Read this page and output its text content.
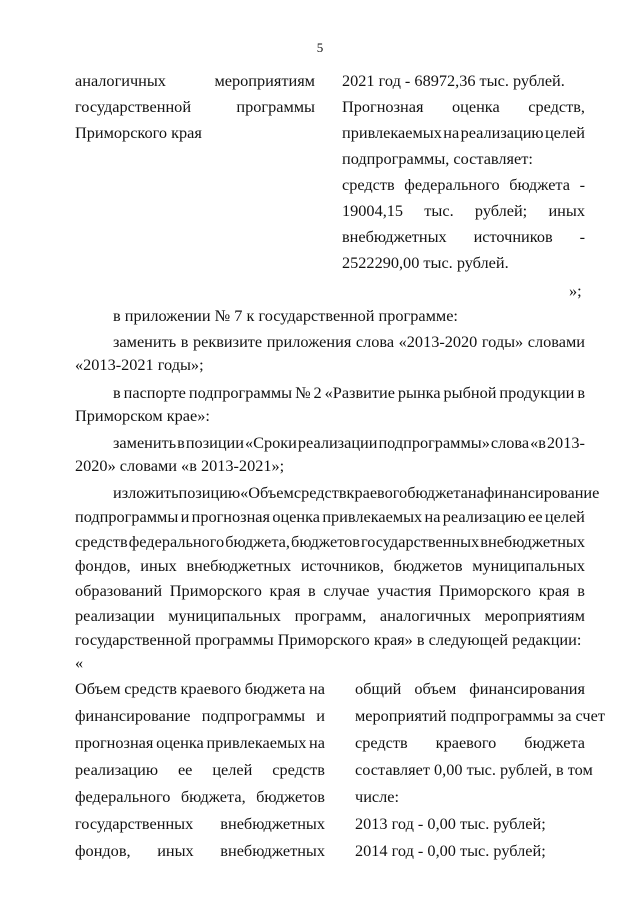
5
аналогичных	мероприятиям
государственной	программы
Приморского края
2021 год - 68972,36 тыс. рублей.
Прогнозная оценка средств,
привлекаемых на реализацию целей
подпрограммы, составляет:
средств федерального бюджета -
19004,15 тыс. рублей; иных
внебюджетных источников -
2522290,00 тыс. рублей.
»;
в приложении № 7 к государственной программе:
заменить в реквизите приложения слова «2013-2020 годы» словами
«2013-2021 годы»;
в паспорте подпрограммы № 2 «Развитие рынка рыбной продукции в
Приморском крае»:
заменить в позиции «Сроки реализации подпрограммы» слова «в 2013-
2020» словами «в 2013-2021»;
изложить позицию «Объем средств краевого бюджета на финансирование
подпрограммы и прогнозная оценка привлекаемых на реализацию ее целей
средств федерального бюджета, бюджетов государственных внебюджетных
фондов, иных внебюджетных источников, бюджетов муниципальных
образований Приморского края в случае участия Приморского края в
реализации муниципальных программ, аналогичных мероприятиям
государственной программы Приморского края» в следующей редакции:
«
Объем средств краевого бюджета на
финансирование подпрограммы и
прогнозная оценка привлекаемых на
реализацию ее целей средств
федерального бюджета, бюджетов
государственных внебюджетных
фондов, иных внебюджетных
общий объем финансирования
мероприятий подпрограммы за счет
средств краевого бюджета
составляет 0,00 тыс. рублей, в том
числе:
2013 год - 0,00 тыс. рублей;
2014 год - 0,00 тыс. рублей;
